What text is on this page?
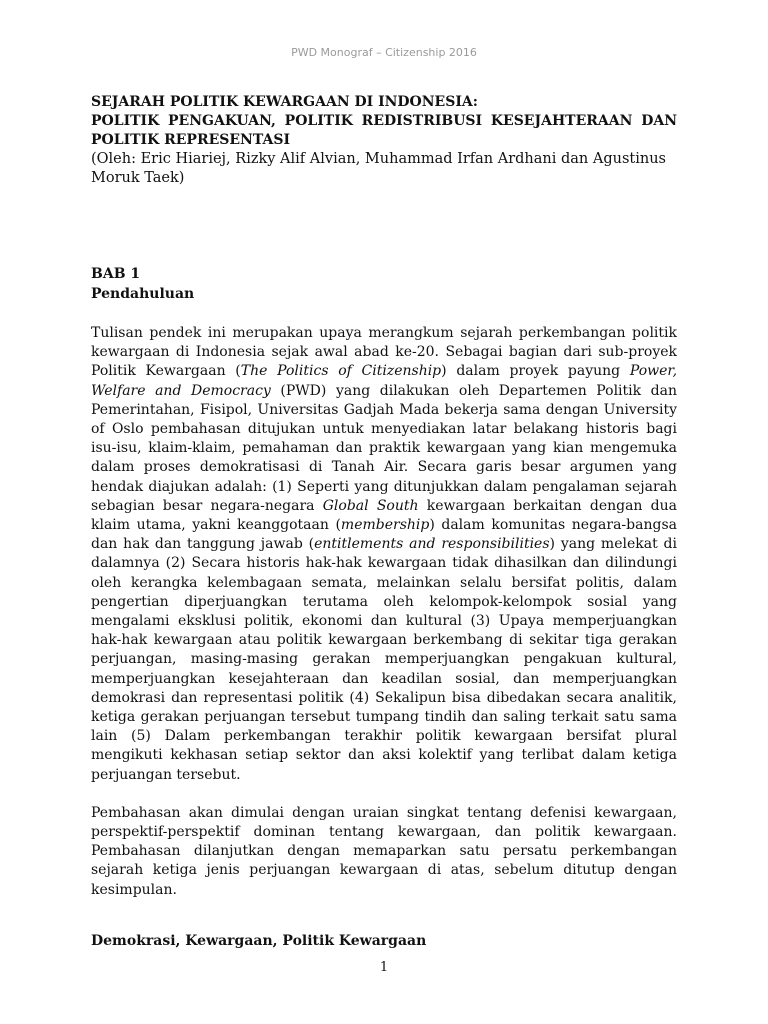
PWD Monograf – Citizenship 2016
SEJARAH POLITIK KEWARGAAN DI INDONESIA:
POLITIK PENGAKUAN, POLITIK REDISTRIBUSI KESEJAHTERAAN DAN
POLITIK REPRESENTASI

(Oleh: Eric Hiariej, Rizky Alif Alvian, Muhammad Irfan Ardhani dan Agustinus Moruk Taek)

BAB 1
Pendahuluan

Tulisan pendek ini merupakan upaya merangkum sejarah perkembangan politik kewargaan di Indonesia sejak awal abad ke-20. Sebagai bagian dari sub-proyek Politik Kewargaan (The Politics of Citizenship) dalam proyek payung Power, Welfare and Democracy (PWD) yang dilakukan oleh Departemen Politik dan Pemerintahan, Fisipol, Universitas Gadjah Mada bekerja sama dengan University of Oslo pembahasan ditujukan untuk menyediakan latar belakang historis bagi isu-isu, klaim-klaim, pemahaman dan praktik kewargaan yang kian mengemuka dalam proses demokratisasi di Tanah Air. Secara garis besar argumen yang hendak diajukan adalah: (1) Seperti yang ditunjukkan dalam pengalaman sejarah sebagian besar negara-negara Global South kewargaan berkaitan dengan dua klaim utama, yakni keanggotaan (membership) dalam komunitas negara-bangsa dan hak dan tanggung jawab (entitlements and responsibilities) yang melekat di dalamnya (2) Secara historis hak-hak kewargaan tidak dihasilkan dan dilindungi oleh kerangka kelembagaan semata, melainkan selalu bersifat politis, dalam pengertian diperjuangkan terutama oleh kelompok-kelompok sosial yang mengalami eksklusi politik, ekonomi dan kultural (3) Upaya memperjuangkan hak-hak kewargaan atau politik kewargaan berkembang di sekitar tiga gerakan perjuangan, masing-masing gerakan memperjuangkan pengakuan kultural, memperjuangkan kesejahteraan dan keadilan sosial, dan memperjuangkan demokrasi dan representasi politik (4) Sekalipun bisa dibedakan secara analitik, ketiga gerakan perjuangan tersebut tumpang tindih dan saling terkait satu sama lain (5) Dalam perkembangan terakhir politik kewargaan bersifat plural mengikuti kekhasan setiap sektor dan aksi kolektif yang terlibat dalam ketiga perjuangan tersebut.

Pembahasan akan dimulai dengan uraian singkat tentang defenisi kewargaan, perspektif-perspektif dominan tentang kewargaan, dan politik kewargaan. Pembahasan dilanjutkan dengan memaparkan satu persatu perkembangan sejarah ketiga jenis perjuangan kewargaan di atas, sebelum ditutup dengan kesimpulan.

Demokrasi, Kewargaan, Politik Kewargaan
1
